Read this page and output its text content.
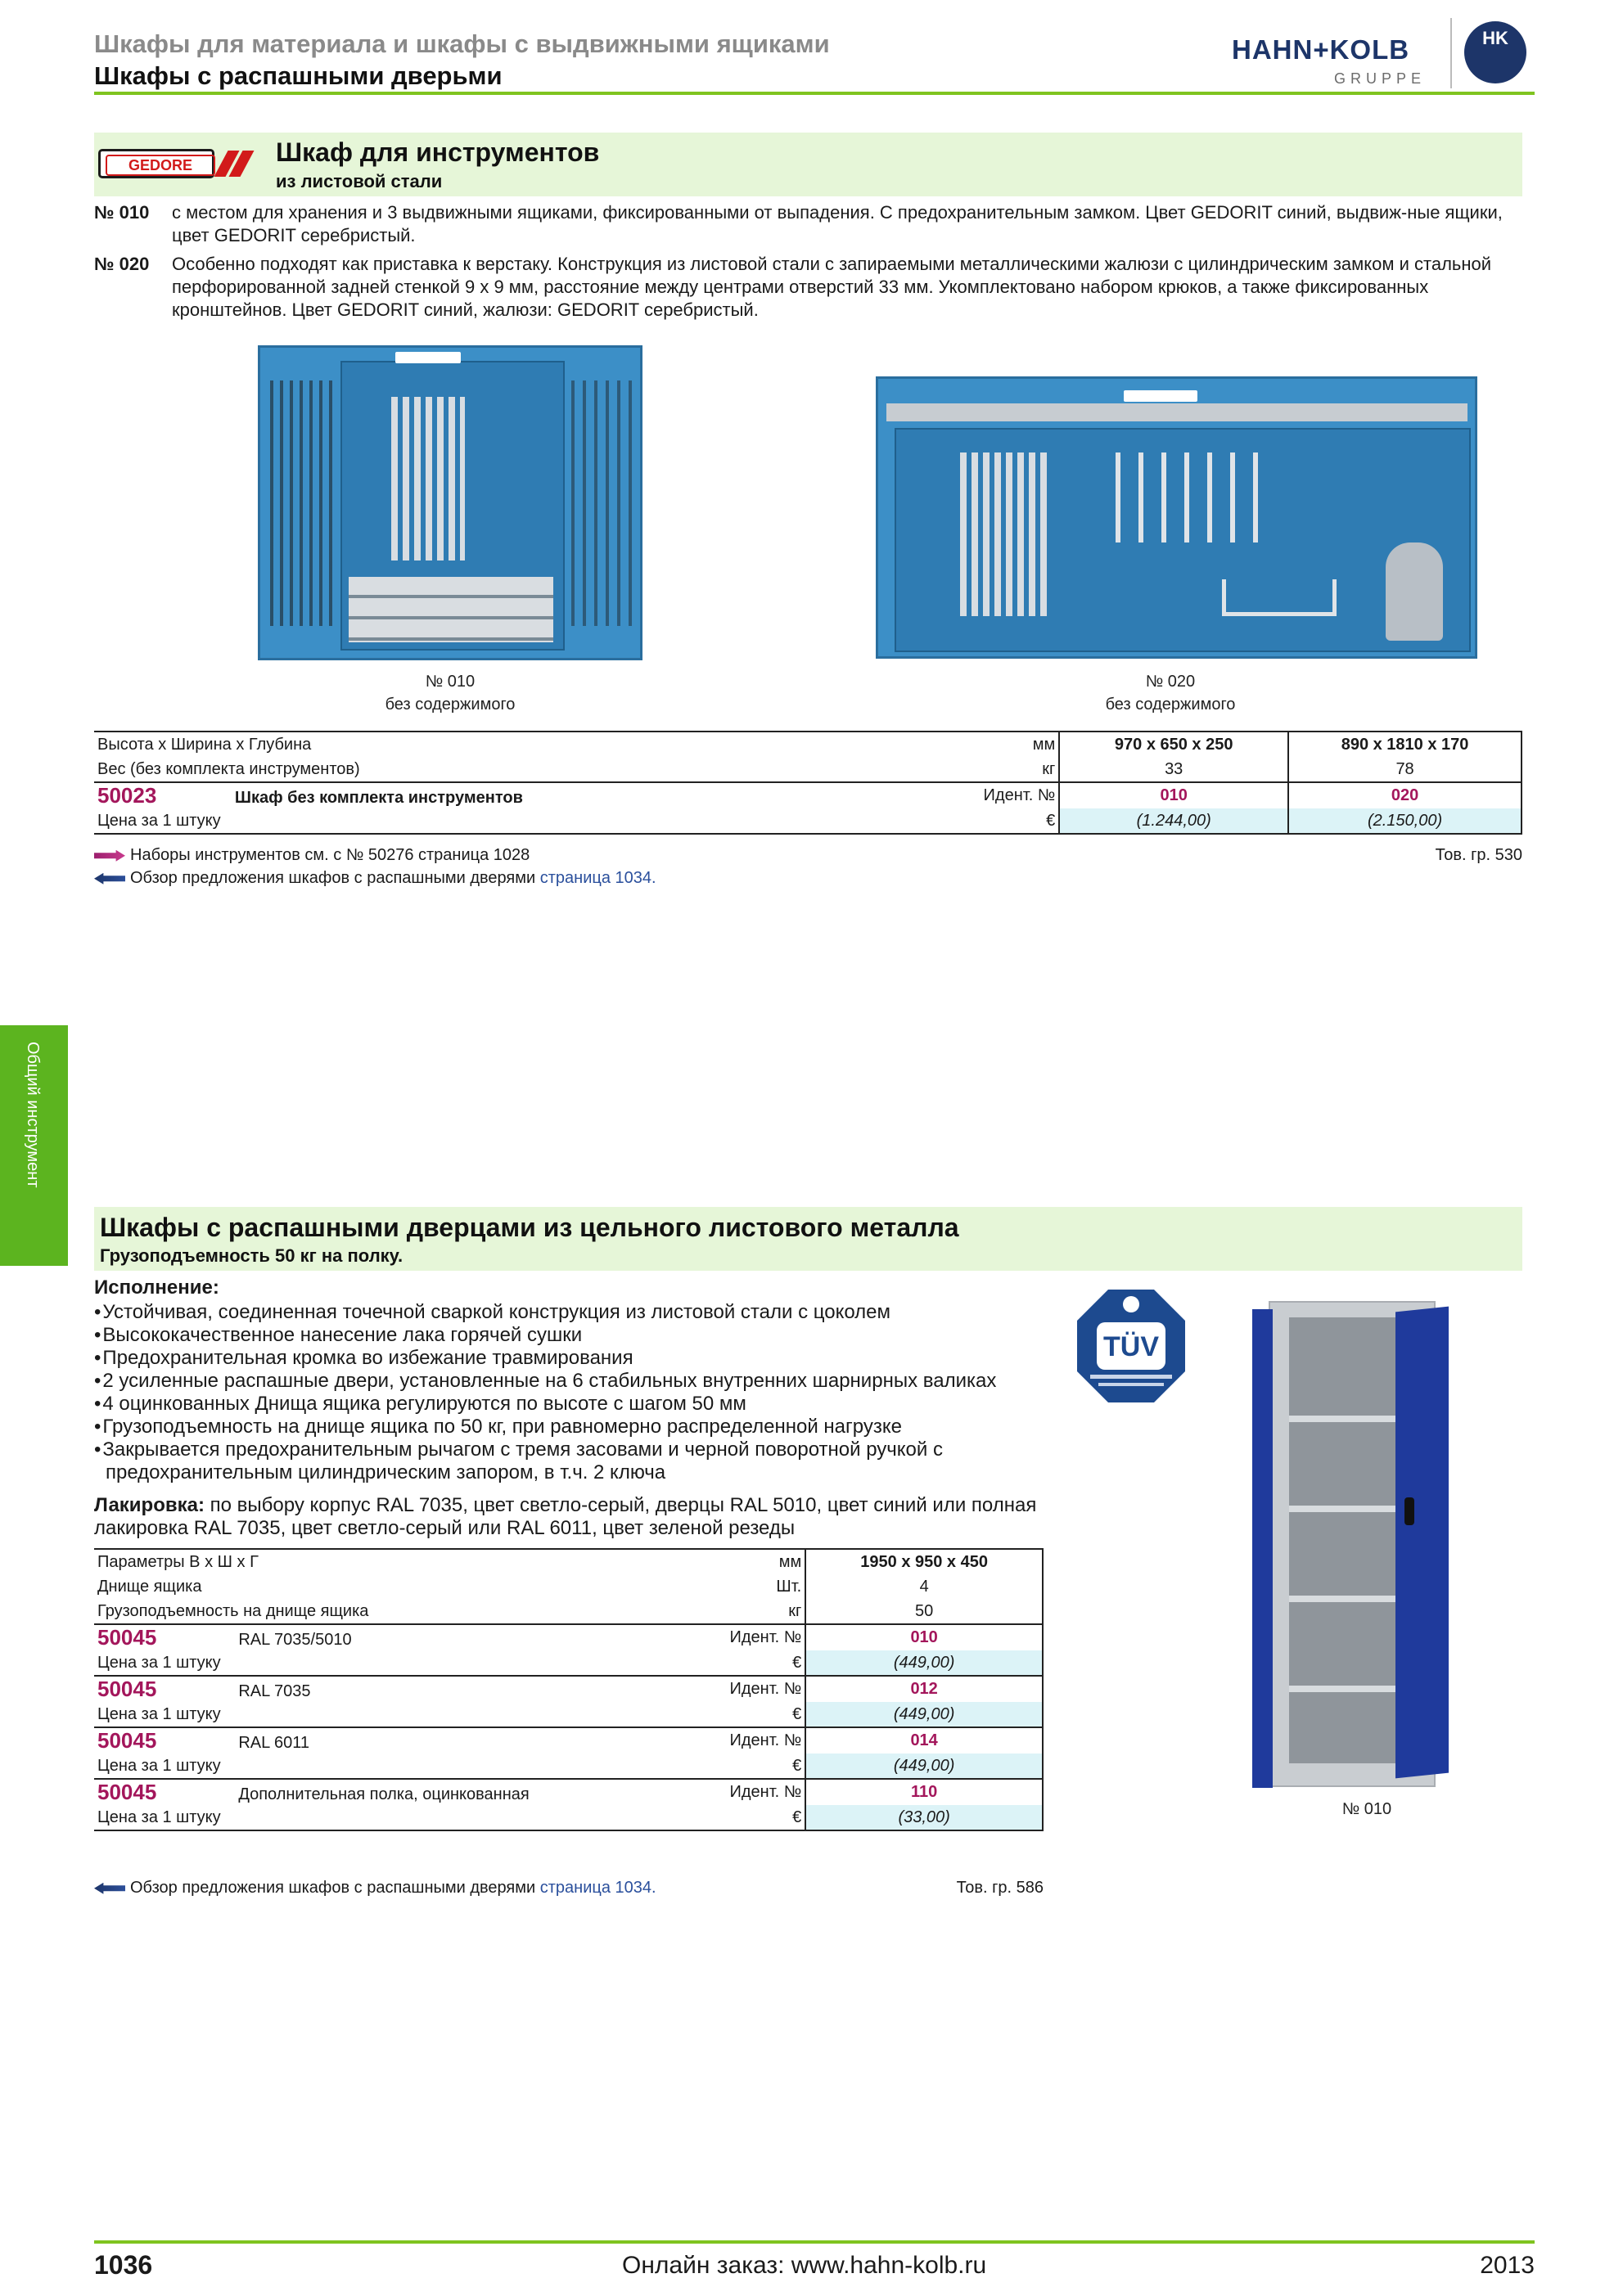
Шкафы для материала и шкафы с выдвижными ящиками
Шкафы с распашными дверьми
HAHN+KOLB
GRUPPE
HK
Общий инструмент
GEDORE	Шкаф для инструментов
из листовой стали
№ 010	с местом для хранения и 3 выдвижными ящиками, фиксированными от выпадения. С предохранительным замком. Цвет GEDORIT синий, выдвиж-ные ящики, цвет GEDORIT серебристый.
№ 020 Особенно подходят как приставка к верстаку. Конструкция из листовой стали с запираемыми металлическими жалюзи с цилиндрическим замком и стальной перфорированной задней стенкой 9 x 9 мм, расстояние между центрами отверстий 33 мм. Укомплектовано набором крюков, а также фиксированных кронштейнов. Цвет GEDORIT синий, жалюзи: GEDORIT серебристый.
№ 010
без содержимого
№ 020
без содержимого
Высота x Ширина x Глубина	мм	970 x 650 x 250	890 x 1810 x 170
Вес (без комплекта инструментов)	кг	33	78
50023 Шкаф без комплекта инструментов	Идент. №	010	020
Цена за 1 штуку	€	(1.244,00)	(2.150,00)
Наборы инструментов см. с № 50276 страница 1028
Обзор предложения шкафов с распашными дверями страница 1034.
Тов. гр. 530
Шкафы с распашными дверцами из цельного листового металла
Грузоподъемность 50 кг на полку.
Исполнение:
• Устойчивая, соединенная точечной сваркой конструкция из листовой стали с цоколем
• Высококачественное нанесение лака горячей сушки
• Предохранительная кромка во избежание травмирования
• 2 усиленные распашные двери, установленные на 6 стабильных внутренних шарнирных валиках
• 4 оцинкованных Днища ящика регулируются по высоте с шагом 50 мм
• Грузоподъемность на днище ящика по 50 кг, при равномерно распределенной нагрузке
• Закрывается предохранительным рычагом с тремя засовами и черной поворотной ручкой с предохранительным цилиндрическим запором, в т.ч. 2 ключа
Лакировка: по выбору корпус RAL 7035, цвет светло-серый, дверцы RAL 5010, цвет синий или полная лакировка RAL 7035, цвет светло-серый или RAL 6011, цвет зеленой резеды
TÜV
№ 010
Параметры В x Ш x Г	мм	1950 x 950 x 450
Днище ящика	Шт.	4
Грузоподъемность на днище ящика	кг	50
50045 RAL 7035/5010	Идент. №	010
Цена за 1 штуку	€	(449,00)
50045 RAL 7035	Идент. №	012
Цена за 1 штуку	€	(449,00)
50045 RAL 6011	Идент. №	014
Цена за 1 штуку	€	(449,00)
50045 Дополнительная полка, оцинкованная	Идент. №	110
Цена за 1 штуку	€	(33,00)
Обзор предложения шкафов с распашными дверями страница 1034.	Тов. гр. 586
1036	Онлайн заказ: www.hahn-kolb.ru	2013
